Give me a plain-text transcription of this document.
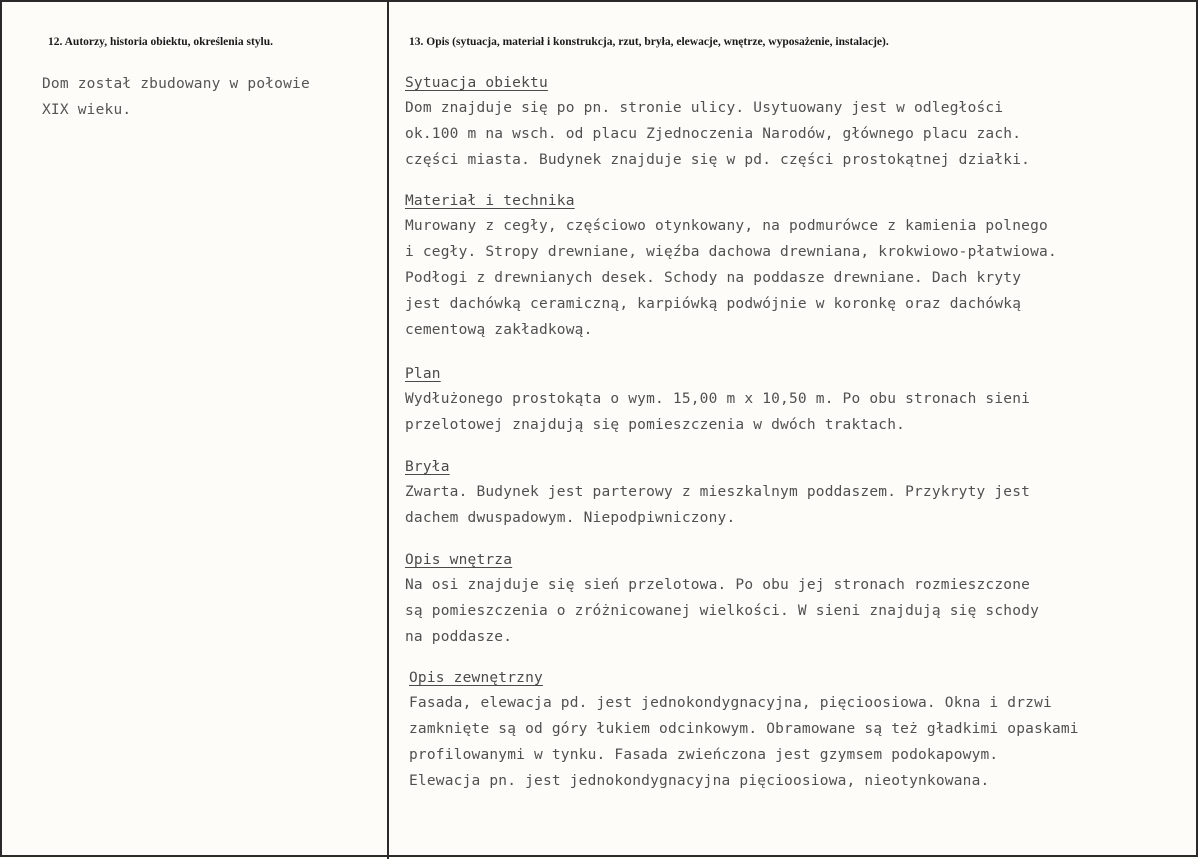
12. Autorzy, historia obiektu, określenia stylu.	13. Opis (sytuacja, materiał i konstrukcja, rzut, bryła, elewacje, wnętrze, wyposażenie, instalacje).
Dom został zbudowany w połowie
XIX wieku.
Sytuacja obiektu
Dom znajduje się po pn. stronie ulicy. Usytuowany jest w odległości
ok.100 m na wsch. od placu Zjednoczenia Narodów, głównego placu zach.
części miasta. Budynek znajduje się w pd. części prostokątnej działki.
Materiał i technika
Murowany z cegły, częściowo otynkowany, na podmurówce z kamienia polnego
i cegły. Stropy drewniane, więźba dachowa drewniana, krokwiowo-płatwiowa.
Podłogi z drewnianych desek. Schody na poddasze drewniane. Dach kryty
jest dachówką ceramiczną, karpiówką podwójnie w koronkę oraz dachówką
cementową zakładkową.
Plan
Wydłużonego prostokąta o wym. 15,00 m x 10,50 m. Po obu stronach sieni
przelotowej znajdują się pomieszczenia w dwóch traktach.
Bryła
Zwarta. Budynek jest parterowy z mieszkalnym poddaszem. Przykryty jest
dachem dwuspadowym. Niepodpiwniczony.
Opis wnętrza
Na osi znajduje się sień przelotowa. Po obu jej stronach rozmieszczone
są pomieszczenia o zróżnicowanej wielkości. W sieni znajdują się schody
na poddasze.
Opis zewnętrzny
Fasada, elewacja pd. jest jednokondygnacyjna, pięcioosiowa. Okna i drzwi
zamknięte są od góry łukiem odcinkowym. Obramowane są też gładkimi opaskami
profilowanymi w tynku. Fasada zwieńczona jest gzymsem podokapowym.
Elewacja pn. jest jednokondygnacyjna pięcioosiowa, nieotynkowana.
